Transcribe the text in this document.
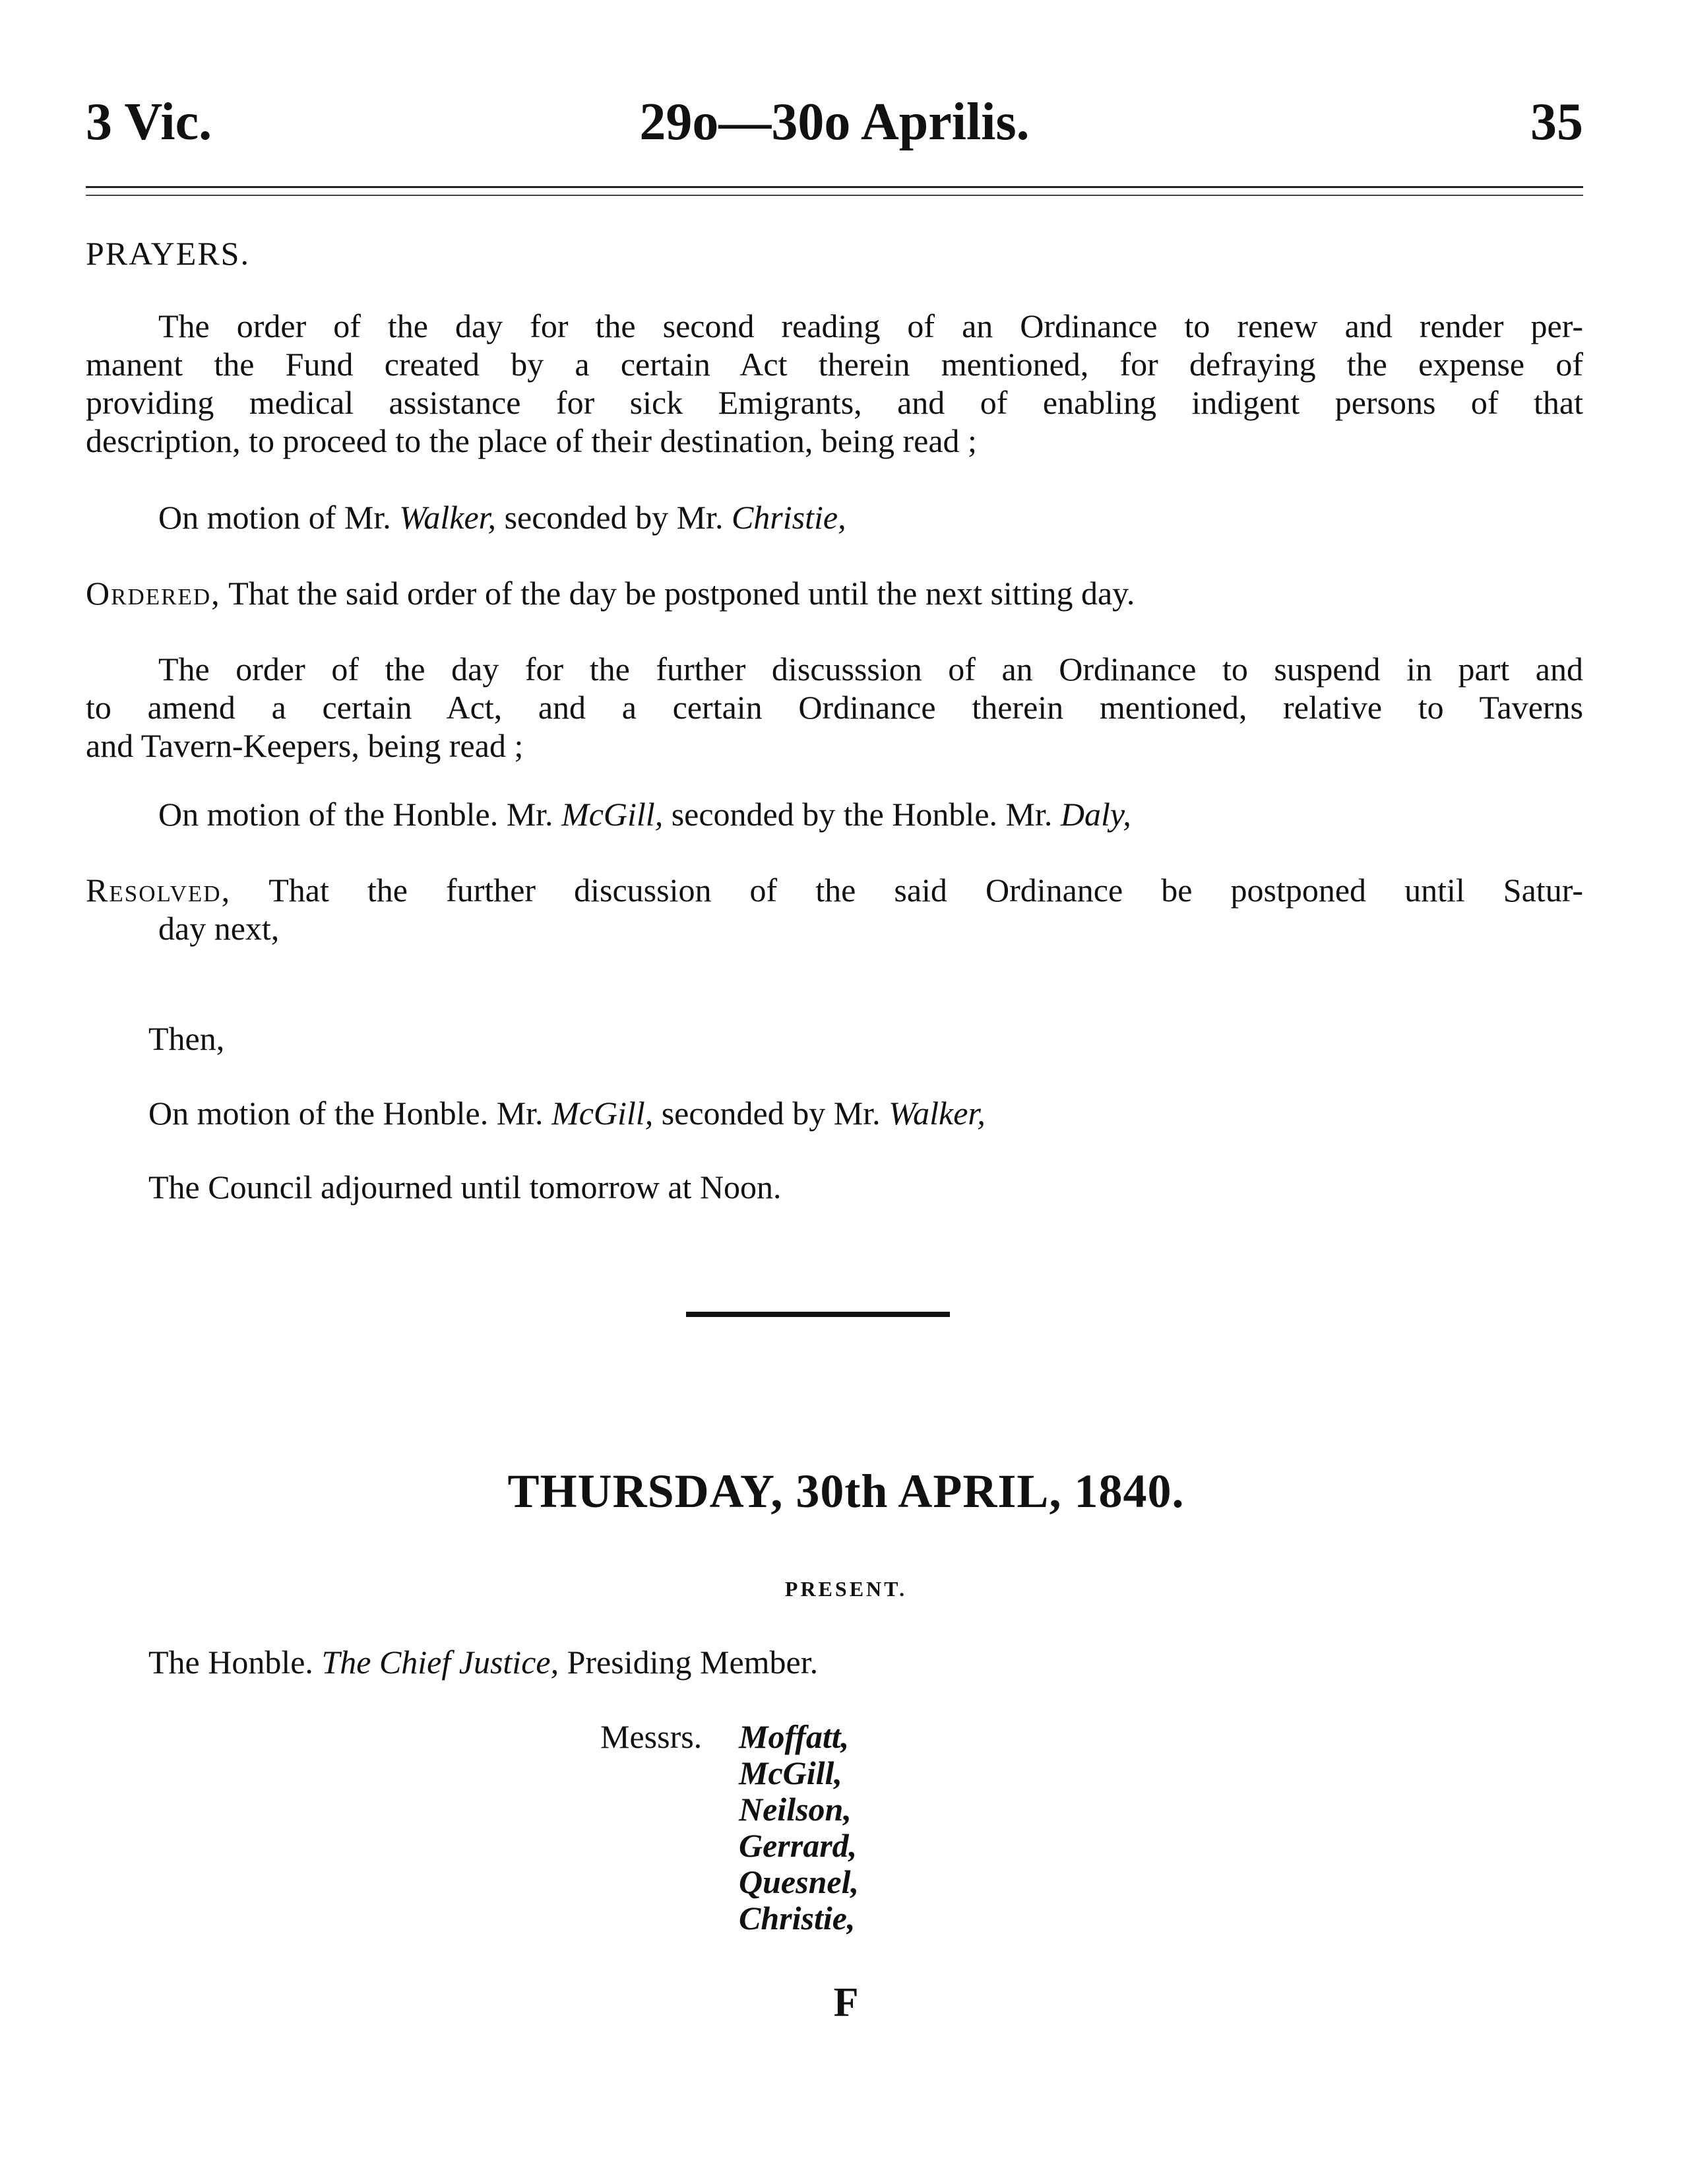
3 Vic.	29o—30o Aprilis.	35
PRAYERS.
The order of the day for the second reading of an Ordinance to renew and render per-
manent the Fund created by a certain Act therein mentioned, for defraying the expense of
providing medical assistance for sick Emigrants, and of enabling indigent persons of that
description, to proceed to the place of their destination, being read ;
On motion of Mr. Walker, seconded by Mr. Christie,
Ordered, That the said order of the day be postponed until the next sitting day.
The order of the day for the further discusssion of an Ordinance to suspend in part and
to amend a certain Act, and a certain Ordinance therein mentioned, relative to Taverns
and Tavern-Keepers, being read ;
On motion of the Honble. Mr. McGill, seconded by the Honble. Mr. Daly,
Resolved, That the further discussion of the said Ordinance be postponed until Satur-
day next,
Then,
On motion of the Honble. Mr. McGill, seconded by Mr. Walker,
The Council adjourned until tomorrow at Noon.
THURSDAY, 30th APRIL, 1840.
PRESENT.
The Honble. The Chief Justice, Presiding Member.
Messrs. Moffatt,
McGill,
Neilson,
Gerrard,
Quesnel,
Christie,
F
